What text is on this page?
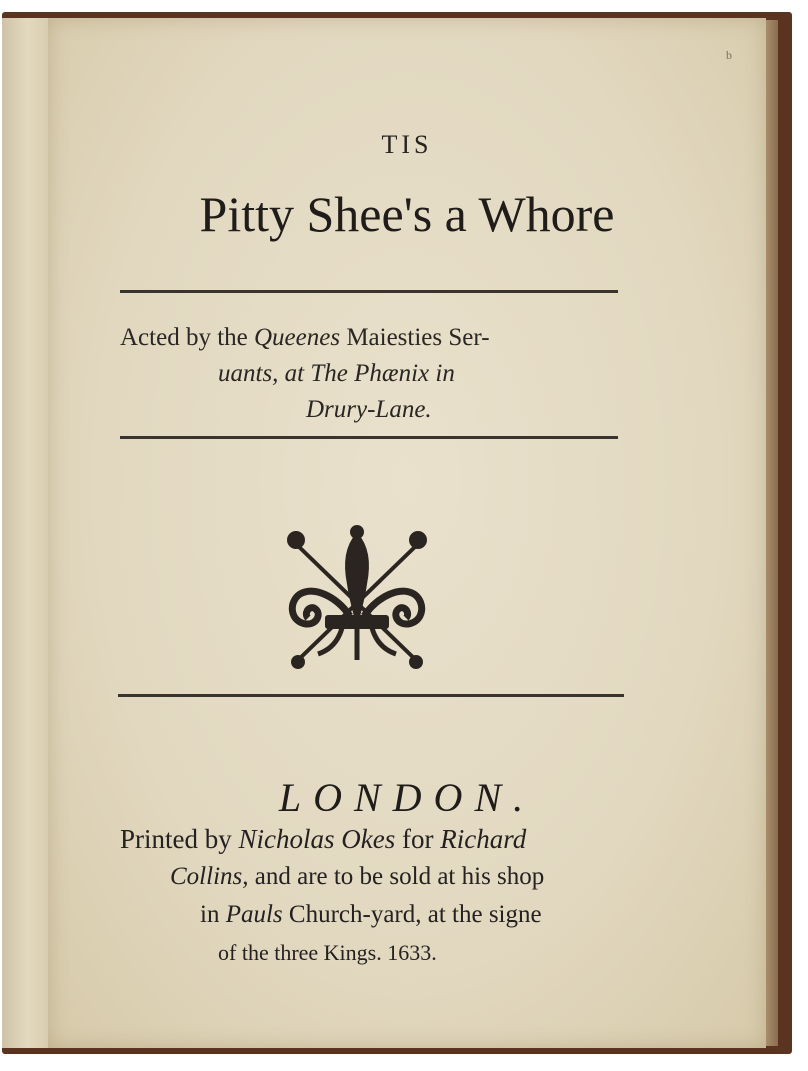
b
TIS
Pitty Shee's a Whore
Acted by the Queenes Maiesties Ser-
uants, at The Phænix in
Drury-Lane.
LONDON.
Printed by Nicholas Okes for Richard
Collins, and are to be sold at his shop
in Pauls Church-yard, at the signe
of the three Kings. 1633.
